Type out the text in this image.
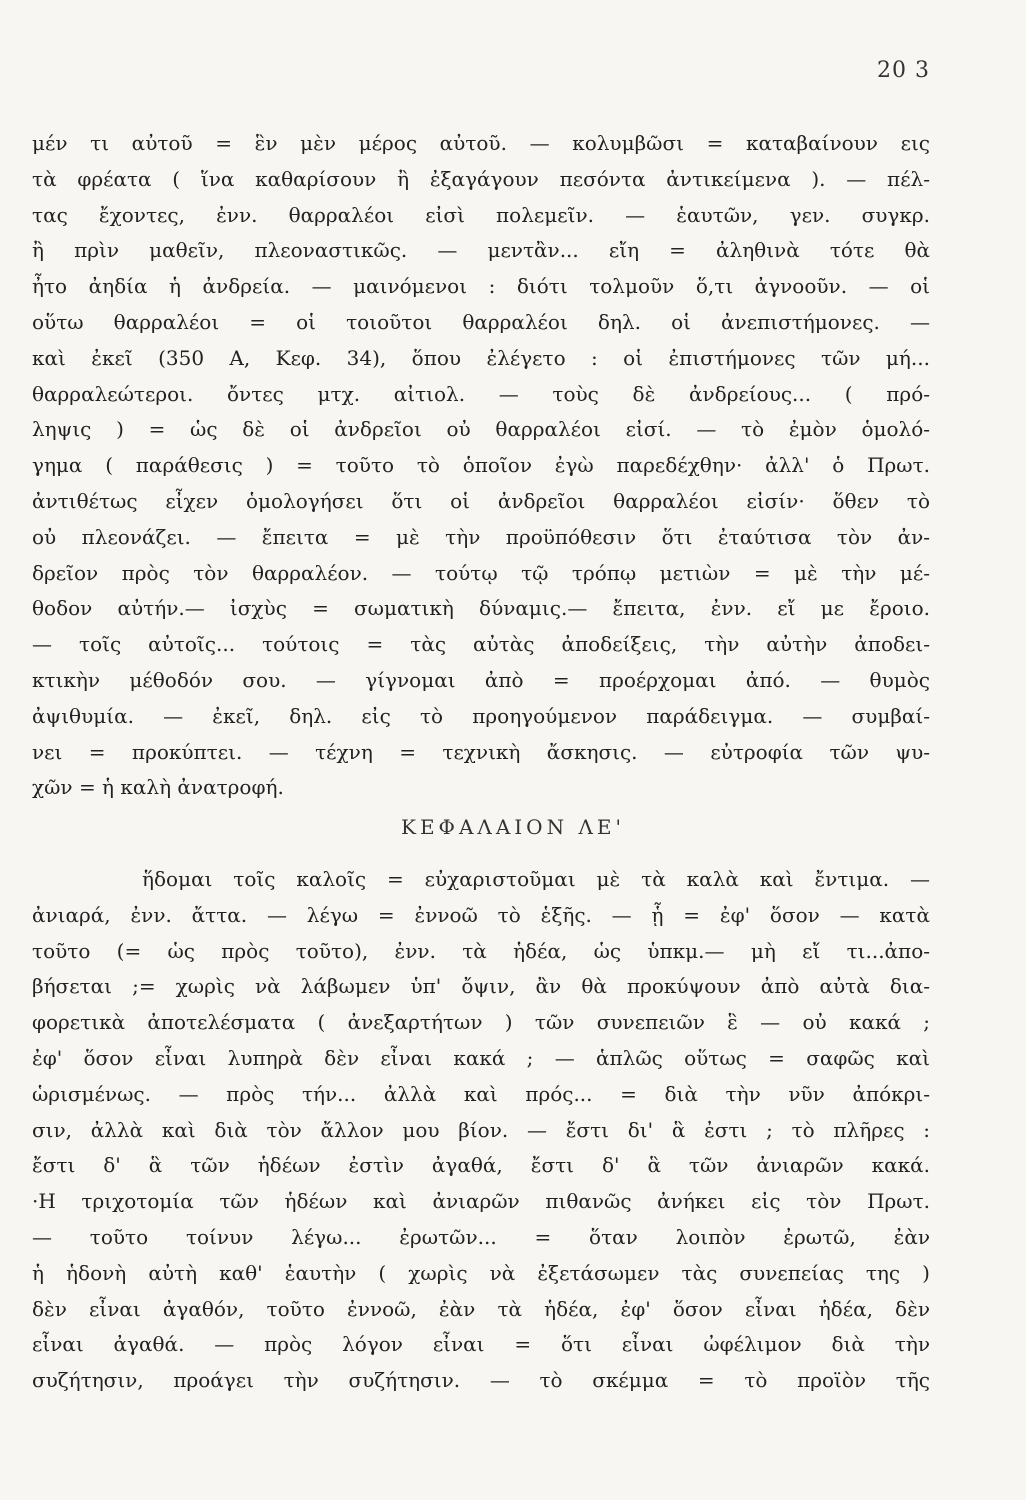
20 3
μέν τι αὐτοῦ = ἓν μὲν μέρος αὐτοῦ. — κολυμβῶσι = καταβαίνουν εις
τὰ φρέατα ( ἵνα καθαρίσουν ἢ ἐξαγάγουν πεσόντα ἀντικείμενα ). — πέλ-
τας ἔχοντες, ἐνν. θαρραλέοι εἰσὶ πολεμεῖν. — ἑαυτῶν, γεν. συγκρ.
ἢ πρὶν μαθεῖν, πλεοναστικῶς. — μεντἂν... εἴη = ἀληθινὰ τότε θὰ
ἦτο ἀηδία ἡ ἀνδρεία. — μαινόμενοι : διότι τολμοῦν ὅ,τι ἀγνοοῦν. — οἱ
οὕτω θαρραλέοι = οἱ τοιοῦτοι θαρραλέοι δηλ. οἱ ἀνεπιστήμονες. —
καὶ ἐκεῖ (350 A, Κεφ. 34), ὅπου ἐλέγετο : οἱ ἐπιστήμονες τῶν μή...
θαρραλεώτεροι. ὄντες μτχ. αἰτιολ. — τοὺς δὲ ἀνδρείους... ( πρό-
ληψις ) = ὡς δὲ οἱ ἀνδρεῖοι οὐ θαρραλέοι εἰσί. — τὸ ἐμὸν ὁμολό-
γημα ( παράθεσις ) = τοῦτο τὸ ὁποῖον ἐγὼ παρεδέχθην· ἀλλ' ὁ Πρωτ.
ἀντιθέτως εἶχεν ὁμολογήσει ὅτι οἱ ἀνδρεῖοι θαρραλέοι εἰσίν· ὅθεν τὸ
οὐ πλεονάζει. — ἔπειτα = μὲ τὴν προϋπόθεσιν ὅτι ἐταύτισα τὸν ἀν-
δρεῖον πρὸς τὸν θαρραλέον. — τούτῳ τῷ τρόπῳ μετιὼν = μὲ τὴν μέ-
θοδον αὐτήν.— ἰσχὺς = σωματικὴ δύναμις.— ἔπειτα, ἐνν. εἴ με ἔροιο.
— τοῖς αὐτοῖς... τούτοις = τὰς αὐτὰς ἀποδείξεις, τὴν αὐτὴν ἀποδει-
κτικὴν μέθοδόν σου. — γίγνομαι ἀπὸ = προέρχομαι ἀπό. — θυμὸς
ἀψιθυμία. — ἐκεῖ, δηλ. εἰς τὸ προηγούμενον παράδειγμα. — συμβαί-
νει = προκύπτει. — τέχνη = τεχνικὴ ἄσκησις. — εὐτροφία τῶν ψυ-
χῶν = ἡ καλὴ ἀνατροφή.
ΚΕΦΑΛΑΙΟΝ ΛΕ'
ἥδομαι τοῖς καλοῖς = εὐχαριστοῦμαι μὲ τὰ καλὰ καὶ ἔντιμα. —
ἀνιαρά, ἐνν. ἄττα. — λέγω = ἐννοῶ τὸ ἑξῆς. — ᾗ = ἐφ' ὅσον — κατὰ
τοῦτο (= ὡς πρὸς τοῦτο), ἐνν. τὰ ἡδέα, ὡς ὑπκμ.— μὴ εἴ τι...ἀπο-
βήσεται ;= χωρὶς νὰ λάβωμεν ὑπ' ὄψιν, ἂν θὰ προκύψουν ἀπὸ αὐτὰ δια-
φορετικὰ ἀποτελέσματα ( ἀνεξαρτήτων ) τῶν συνεπειῶν ἓ — οὐ κακά ;
ἐφ' ὅσον εἶναι λυπηρὰ δὲν εἶναι κακά ; — ἁπλῶς οὕτως = σαφῶς καὶ
ὡρισμένως. — πρὸς τήν... ἀλλὰ καὶ πρός... = διὰ τὴν νῦν ἀπόκρι-
σιν, ἀλλὰ καὶ διὰ τὸν ἄλλον μου βίον. — ἔστι δι' ἃ ἐστι ; τὸ πλῆρες :
ἔστι δ' ἃ τῶν ἡδέων ἐστὶν ἀγαθά, ἔστι δ' ἃ τῶν ἀνιαρῶν κακά.
·Η τριχοτομία τῶν ἡδέων καὶ ἀνιαρῶν πιθανῶς ἀνήκει εἰς τὸν Πρωτ.
— τοῦτο τοίνυν λέγω... ἐρωτῶν... = ὅταν λοιπὸν ἐρωτῶ, ἐὰν
ἡ ἡδονὴ αὐτὴ καθ' ἑαυτὴν ( χωρὶς νὰ ἐξετάσωμεν τὰς συνεπείας της )
δὲν εἶναι ἀγαθόν, τοῦτο ἐννοῶ, ἐὰν τὰ ἡδέα, ἐφ' ὅσον εἶναι ἡδέα, δὲν
εἶναι ἀγαθά. — πρὸς λόγον εἶναι = ὅτι εἶναι ὠφέλιμον διὰ τὴν
συζήτησιν, προάγει τὴν συζήτησιν. — τὸ σκέμμα = τὸ προϊὸν τῆς
